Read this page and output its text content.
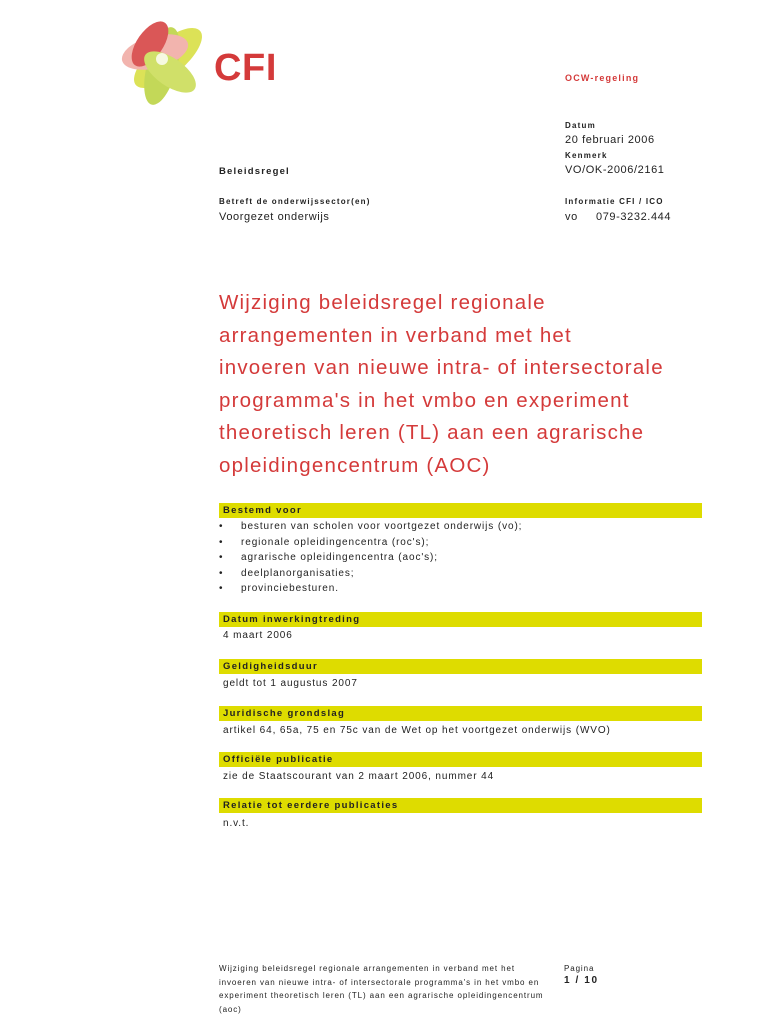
CFI	OCW-regeling
Datum
20 februari 2006
Kenmerk
VO/OK-2006/2161
Informatie CFI / ICO
vo 079-3232.444
Beleidsregel
Betreft de onderwijssector(en)
Voorgezet onderwijs
Wijziging beleidsregel regionale
arrangementen in verband met het
invoeren van nieuwe intra- of intersectorale
programma's in het vmbo en experiment
theoretisch leren (TL) aan een agrarische
opleidingencentrum (AOC)
Bestemd voor
• besturen van scholen voor voortgezet onderwijs (vo);
• regionale opleidingencentra (roc's);
• agrarische opleidingencentra (aoc's);
• deelplanorganisaties;
• provinciebesturen.
Datum inwerkingtreding
4 maart 2006
Geldigheidsduur
geldt tot 1 augustus 2007
Juridische grondslag
artikel 64, 65a, 75 en 75c van de Wet op het voortgezet onderwijs (WVO)
Officiële publicatie
zie de Staatscourant van 2 maart 2006, nummer 44
Relatie tot eerdere publicaties
n.v.t.
Wijziging beleidsregel regionale arrangementen in verband met het
invoeren van nieuwe intra- of intersectorale programma's in het vmbo en
experiment theoretisch leren (TL) aan een agrarische opleidingencentrum
(aoc)
Pagina
1 / 10
